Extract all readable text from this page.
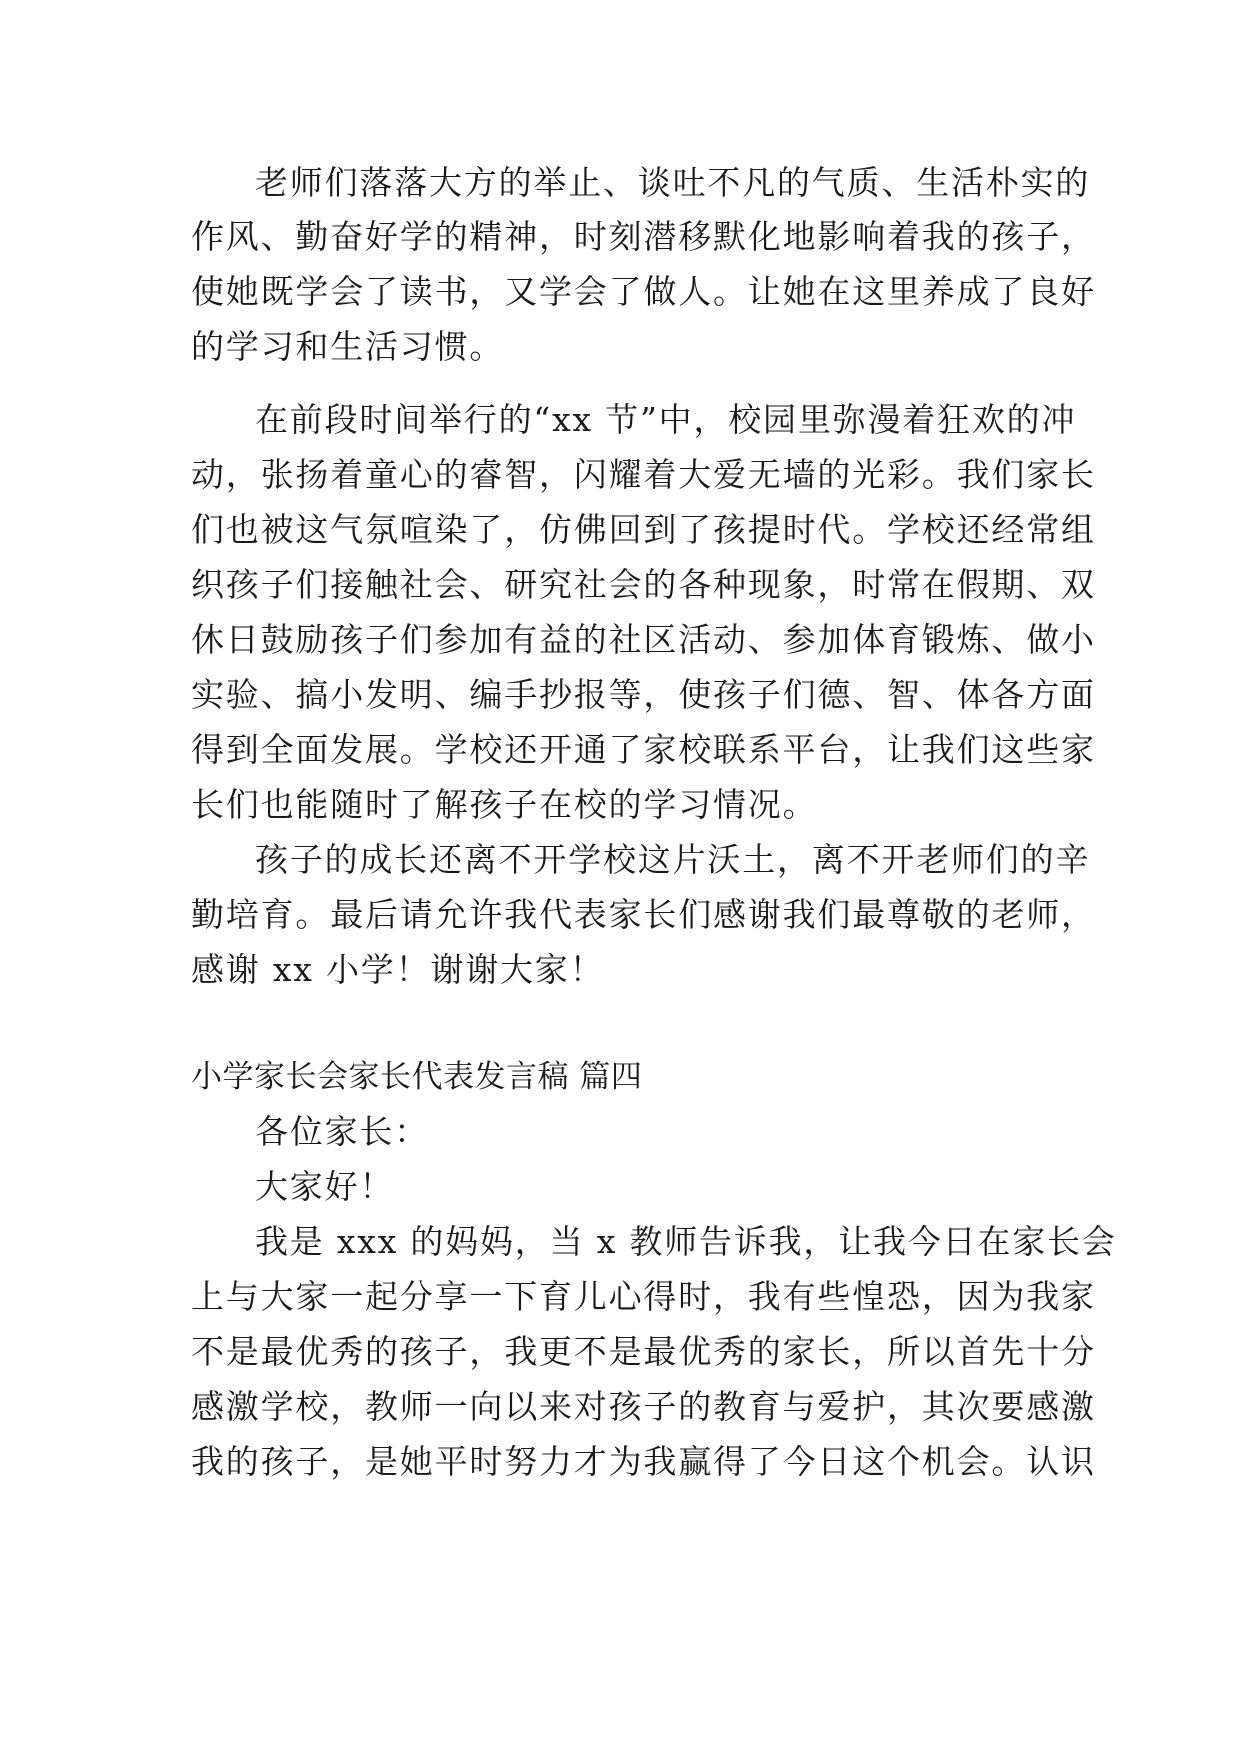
老师们落落大方的举止、谈吐不凡的气质、生活朴实的
作风、勤奋好学的精神，时刻潜移默化地影响着我的孩子，
使她既学会了读书，又学会了做人。让她在这里养成了良好
的学习和生活习惯。
在前段时间举行的“xx 节”中，校园里弥漫着狂欢的冲
动，张扬着童心的睿智，闪耀着大爱无墙的光彩。我们家长
们也被这气氛喧染了，仿佛回到了孩提时代。学校还经常组
织孩子们接触社会、研究社会的各种现象，时常在假期、双
休日鼓励孩子们参加有益的社区活动、参加体育锻炼、做小
实验、搞小发明、编手抄报等，使孩子们德、智、体各方面
得到全面发展。学校还开通了家校联系平台，让我们这些家
长们也能随时了解孩子在校的学习情况。
孩子的成长还离不开学校这片沃土，离不开老师们的辛
勤培育。最后请允许我代表家长们感谢我们最尊敬的老师，
感谢 xx 小学！谢谢大家！
小学家长会家长代表发言稿 篇四
各位家长：
大家好！
我是 xxx 的妈妈，当 x 教师告诉我，让我今日在家长会
上与大家一起分享一下育儿心得时，我有些惶恐，因为我家
不是最优秀的孩子，我更不是最优秀的家长，所以首先十分
感激学校，教师一向以来对孩子的教育与爱护，其次要感激
我的孩子，是她平时努力才为我赢得了今日这个机会。认识
